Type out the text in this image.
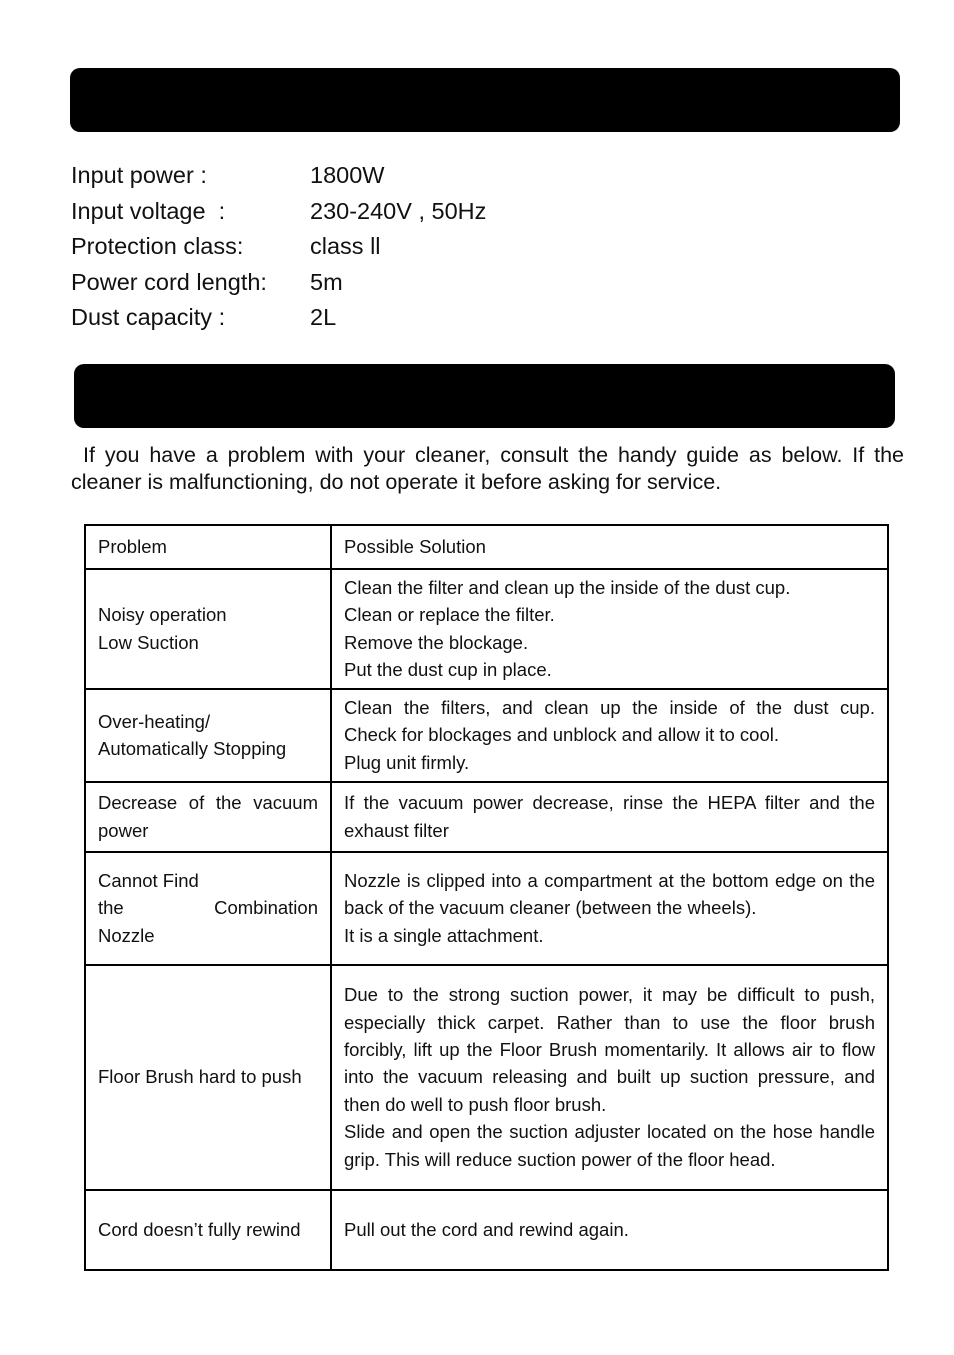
Input power :	1800W
Input voltage  :	230-240V , 50Hz
Protection class:	class ll
Power cord length:	5m
Dust capacity :	2L

If you have a problem with your cleaner, consult the handy guide as below. If the cleaner is malfunctioning, do not operate it before asking for service.

Problem	Possible Solution

Noisy operation
Low Suction	Clean the filter and clean up the inside of the dust cup.
Clean or replace the filter.
Remove the blockage.
Put the dust cup in place.

Over-heating/
Automatically Stopping	Clean the filters, and clean up the inside of the dust cup.
Check for blockages and unblock and allow it to cool.
Plug unit firmly.

Decrease of the vacuum power	If the vacuum power decrease, rinse the HEPA filter and the exhaust filter

Cannot Find
the Combination
Nozzle	Nozzle is clipped into a compartment at the bottom edge on the back of the vacuum cleaner (between the wheels).
It is a single attachment.

Floor Brush hard to push	Due to the strong suction power, it may be difficult to push, especially thick carpet. Rather than to use the floor brush forcibly, lift up the Floor Brush momentarily. It allows air to flow into the vacuum releasing and built up suction pressure, and then do well to push floor brush.
Slide and open the suction adjuster located on the hose handle grip. This will reduce suction power of the floor head.

Cord doesn’t fully rewind	Pull out the cord and rewind again.
